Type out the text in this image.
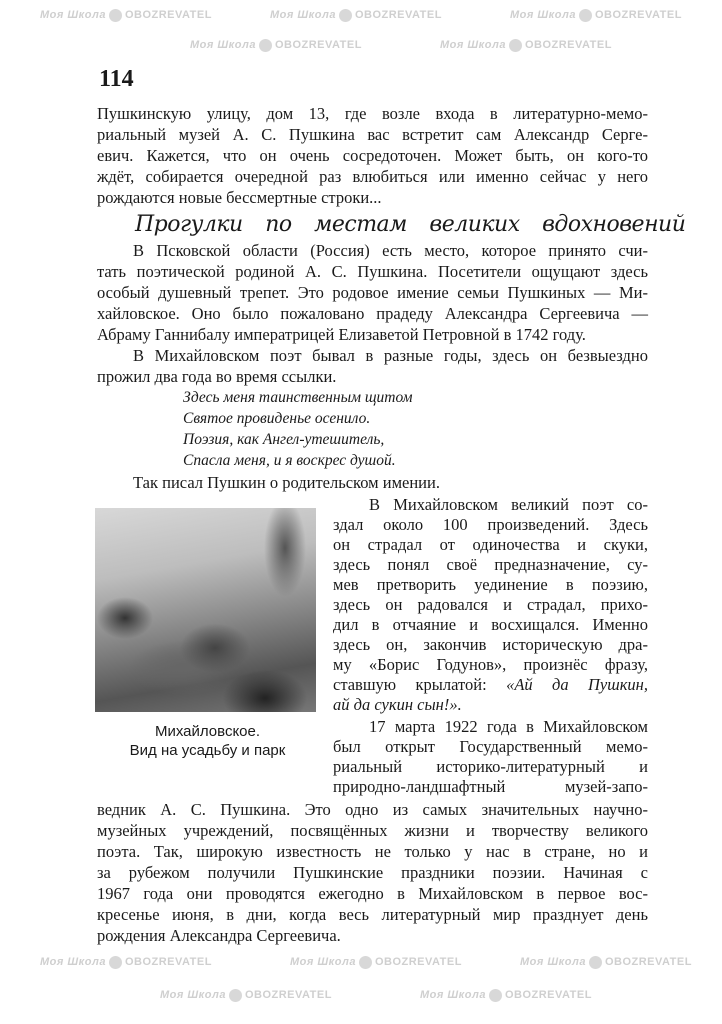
Моя Школа OBOZREVATEL	Моя Школа OBOZREVATEL	Моя Школа OBOZREVATEL
Моя Школа OBOZREVATEL	Моя Школа OBOZREVATEL
Моя Школа OBOZREVATEL	Моя Школа OBOZREVATEL	Моя Школа OBOZREVATEL
Моя Школа OBOZREVATEL	Моя Школа OBOZREVATEL
114
Пушкинскую улицу, дом 13, где возле входа в литературно-мемо-
риальный музей А. С. Пушкина вас встретит сам Александр Серге-
евич. Кажется, что он очень сосредоточен. Может быть, он кого-то
ждёт, собирается очередной раз влюбиться или именно сейчас у него
рождаются новые бессмертные строки...
Прогулки по местам великих вдохновений
В Псковской области (Россия) есть место, которое принято счи-
тать поэтической родиной А. С. Пушкина. Посетители ощущают здесь
особый душевный трепет. Это родовое имение семьи Пушкиных — Ми-
хайловское. Оно было пожаловано прадеду Александра Сергеевича —
Абраму Ганнибалу императрицей Елизаветой Петровной в 1742 году.
В Михайловском поэт бывал в разные годы, здесь он безвыездно
прожил два года во время ссылки.
Здесь меня таинственным щитом
Святое провиденье осенило.
Поэзия, как Ангел-утешитель,
Спасла меня, и я воскрес душой.
Так писал Пушкин о родительском имении.
Михайловское.
Вид на усадьбу и парк
В Михайловском великий поэт со-
здал около 100 произведений. Здесь
он страдал от одиночества и скуки,
здесь понял своё предназначение, су-
мев претворить уединение в поэзию,
здесь он радовался и страдал, прихо-
дил в отчаяние и восхищался. Именно
здесь он, закончив историческую дра-
му «Борис Годунов», произнёс фразу,
ставшую крылатой: «Ай да Пушкин,
ай да сукин сын!».
17 марта 1922 года в Михайловском
был открыт Государственный мемо-
риальный историко-литературный и
природно-ландшафтный музей-запо-
ведник А. С. Пушкина. Это одно из самых значительных научно-
музейных учреждений, посвящённых жизни и творчеству великого
поэта. Так, широкую известность не только у нас в стране, но и
за рубежом получили Пушкинские праздники поэзии. Начиная с
1967 года они проводятся ежегодно в Михайловском в первое вос-
кресенье июня, в дни, когда весь литературный мир празднует день
рождения Александра Сергеевича.
